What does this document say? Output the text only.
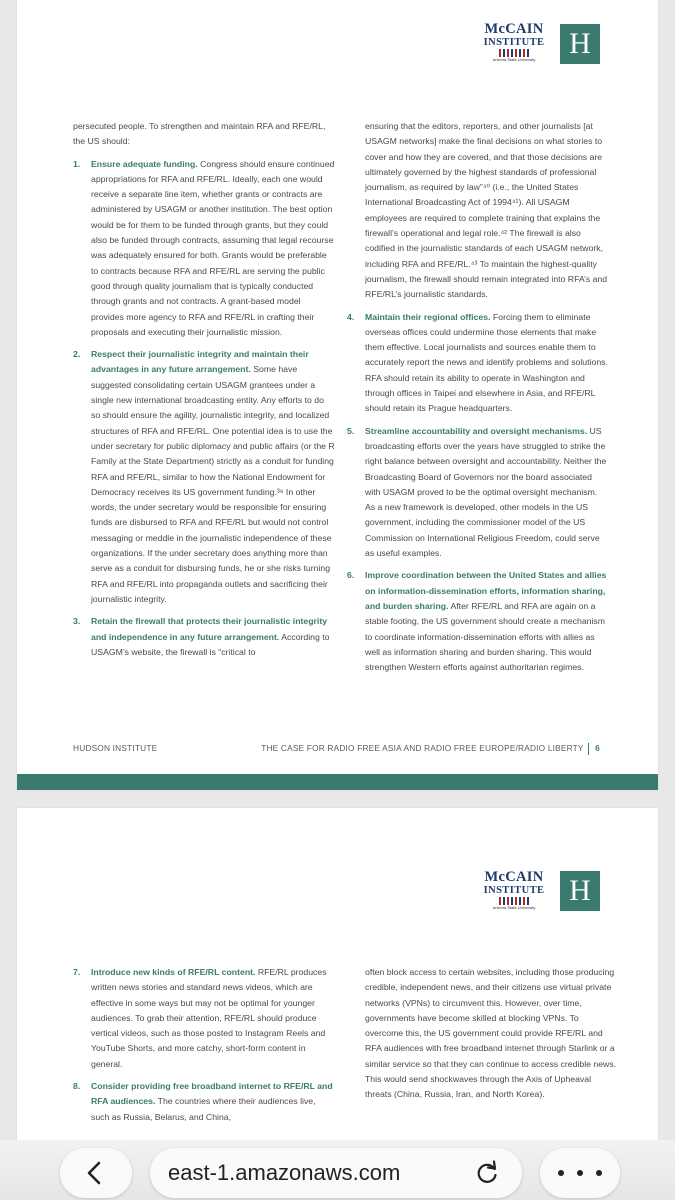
McCAIN
INSTITUTE
Arizona State University	H

persecuted people. To strengthen and maintain RFA and RFE/RL, the US should:

1. Ensure adequate funding. Congress should ensure continued appropriations for RFA and RFE/RL. Ideally, each one would receive a separate line item, whether grants or contracts are administered by USAGM or another institution. The best option would be for them to be funded through grants, but they could also be funded through contracts, assuming that legal recourse was adequately ensured for both. Grants would be preferable to contracts because RFA and RFE/RL are serving the public good through quality journalism that is typically conducted through grants and not contracts. A grant-based model provides more agency to RFA and RFE/RL in crafting their proposals and executing their journalistic mission.
2. Respect their journalistic integrity and maintain their advantages in any future arrangement. Some have suggested consolidating certain USAGM grantees under a single new international broadcasting entity. Any efforts to do so should ensure the agility, journalistic integrity, and localized structures of RFA and RFE/RL. One potential idea is to use the under secretary for public diplomacy and public affairs (or the R Family at the State Department) strictly as a conduit for funding RFA and RFE/RL, similar to how the National Endowment for Democracy receives its US government funding.³⁹ In other words, the under secretary would be responsible for ensuring funds are disbursed to RFA and RFE/RL but would not control messaging or meddle in the journalistic independence of these organizations. If the under secretary does anything more than serve as a conduit for disbursing funds, he or she risks turning RFA and RFE/RL into propaganda outlets and sacrificing their journalistic integrity.
3. Retain the firewall that protects their journalistic integrity and independence in any future arrangement. According to USAGM’s website, the firewall is “critical to

ensuring that the editors, reporters, and other journalists [at USAGM networks] make the final decisions on what stories to cover and how they are covered, and that those decisions are ultimately governed by the highest standards of professional journalism, as required by law”⁴⁰ (i.e., the United States International Broadcasting Act of 1994⁴¹). All USAGM employees are required to complete training that explains the firewall’s operational and legal role.⁴² The firewall is also codified in the journalistic standards of each USAGM network, including RFA and RFE/RL.⁴³ To maintain the highest-quality journalism, the firewall should remain integrated into RFA’s and RFE/RL’s journalistic standards.

4. Maintain their regional offices. Forcing them to eliminate overseas offices could undermine those elements that make them effective. Local journalists and sources enable them to accurately report the news and identify problems and solutions. RFA should retain its ability to operate in Washington and through offices in Taipei and elsewhere in Asia, and RFE/RL should retain its Prague headquarters.
5. Streamline accountability and oversight mechanisms. US broadcasting efforts over the years have struggled to strike the right balance between oversight and accountability. Neither the Broadcasting Board of Governors nor the board associated with USAGM proved to be the optimal oversight mechanism. As a new framework is developed, other models in the US government, including the commissioner model of the US Commission on International Religious Freedom, could serve as useful examples.
6. Improve coordination between the United States and allies on information-dissemination efforts, information sharing, and burden sharing. After RFE/RL and RFA are again on a stable footing, the US government should create a mechanism to coordinate information-dissemination efforts with allies as well as information sharing and burden sharing. This would strengthen Western efforts against authoritarian regimes.
HUDSON INSTITUTE	THE CASE FOR RADIO FREE ASIA AND RADIO FREE EUROPE/RADIO LIBERTY 6
McCAIN
INSTITUTE
Arizona State University
H
7. Introduce new kinds of RFE/RL content. RFE/RL produces written news stories and standard news videos, which are effective in some ways but may not be optimal for younger audiences. To grab their attention, RFE/RL should produce vertical videos, such as those posted to Instagram Reels and YouTube Shorts, and more catchy, short-form content in general.
8. Consider providing free broadband internet to RFE/RL and RFA audiences. The countries where their audiences live, such as Russia, Belarus, and China,

often block access to certain websites, including those producing credible, independent news, and their citizens use virtual private networks (VPNs) to circumvent this. However, over time, governments have become skilled at blocking VPNs. To overcome this, the US government could provide RFE/RL and RFA audiences with free broadband internet through Starlink or a similar service so that they can continue to access credible news. This would send shockwaves through the Axis of Upheaval threats (China, Russia, Iran, and North Korea).

east-1.amazonaws.com
